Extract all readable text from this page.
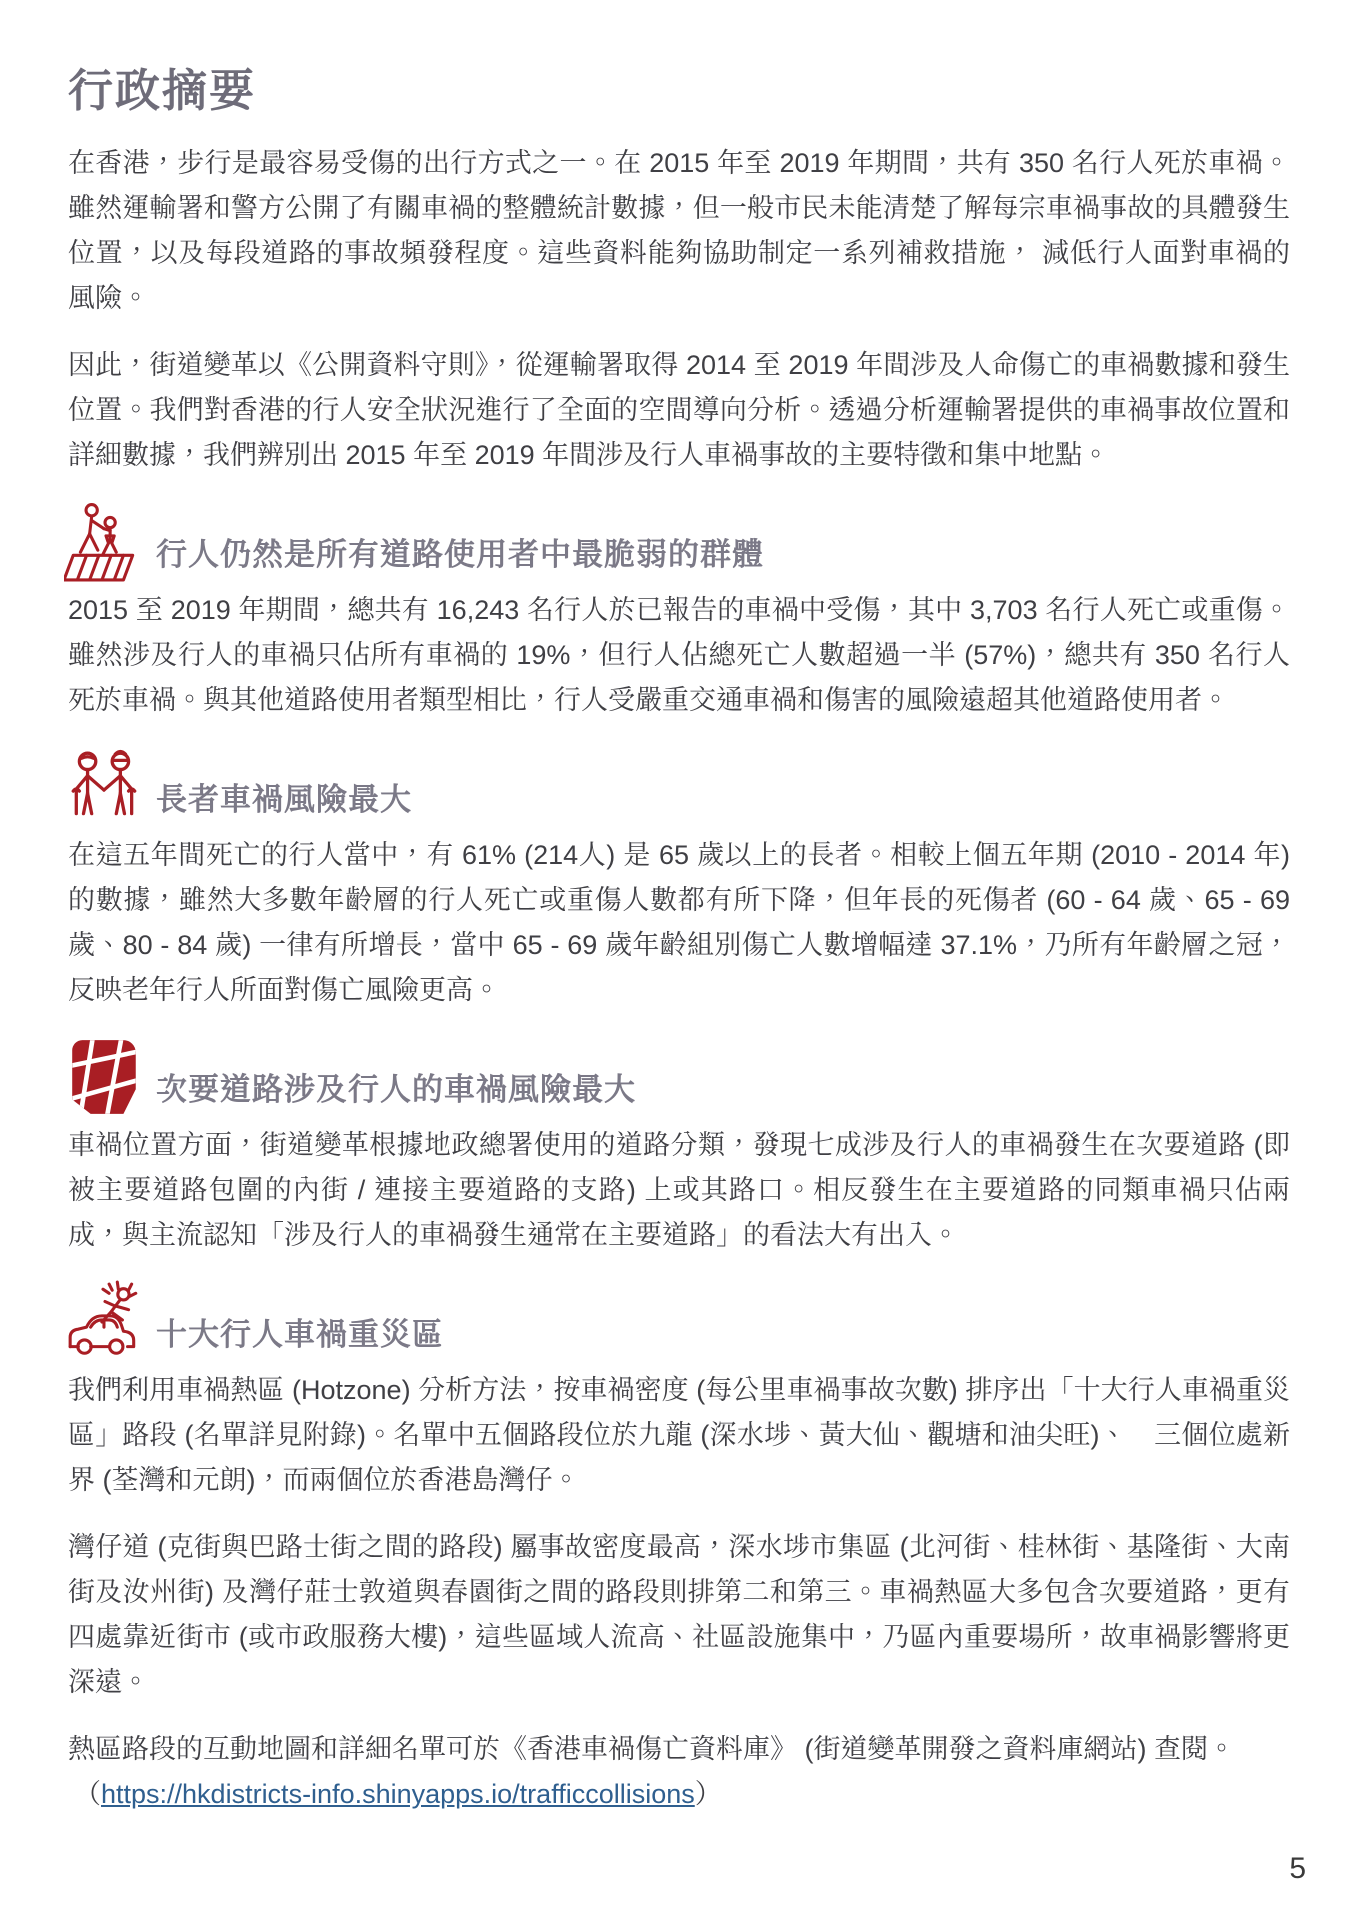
行政摘要

在香港，步行是最容易受傷的出行方式之一。在 2015 年至 2019 年期間，共有 350 名行人死於車禍。雖然運輸署和警方公開了有關車禍的整體統計數據，但一般市民未能清楚了解每宗車禍事故的具體發生位置，以及每段道路的事故頻發程度。這些資料能夠協助制定一系列補救措施， 減低行人面對車禍的風險。

因此，街道變革以《公開資料守則》，從運輸署取得 2014 至 2019 年間涉及人命傷亡的車禍數據和發生位置。我們對香港的行人安全狀況進行了全面的空間導向分析。透過分析運輸署提供的車禍事故位置和詳細數據，我們辨別出 2015 年至 2019 年間涉及行人車禍事故的主要特徵和集中地點。

行人仍然是所有道路使用者中最脆弱的群體

2015 至 2019 年期間，總共有 16,243 名行人於已報告的車禍中受傷，其中 3,703 名行人死亡或重傷。雖然涉及行人的車禍只佔所有車禍的 19%，但行人佔總死亡人數超過一半 (57%)，總共有 350 名行人死於車禍。與其他道路使用者類型相比，行人受嚴重交通車禍和傷害的風險遠超其他道路使用者。

長者車禍風險最大

在這五年間死亡的行人當中，有 61% (214人) 是 65 歲以上的長者。相較上個五年期 (2010 - 2014 年) 的數據，雖然大多數年齡層的行人死亡或重傷人數都有所下降，但年長的死傷者 (60 - 64 歲、65 - 69 歲、80 - 84 歲) 一律有所增長，當中 65 - 69 歲年齡組別傷亡人數增幅達 37.1%，乃所有年齡層之冠，反映老年行人所面對傷亡風險更高。

次要道路涉及行人的車禍風險最大

車禍位置方面，街道變革根據地政總署使用的道路分類，發現七成涉及行人的車禍發生在次要道路 (即被主要道路包圍的內街 / 連接主要道路的支路) 上或其路口。相反發生在主要道路的同類車禍只佔兩成，與主流認知「涉及行人的車禍發生通常在主要道路」的看法大有出入。

十大行人車禍重災區

我們利用車禍熱區 (Hotzone) 分析方法，按車禍密度 (每公里車禍事故次數) 排序出「十大行人車禍重災區」路段 (名單詳見附錄)。名單中五個路段位於九龍 (深水埗、黃大仙、觀塘和油尖旺)、　三個位處新界 (荃灣和元朗)，而兩個位於香港島灣仔。

灣仔道 (克街與巴路士街之間的路段) 屬事故密度最高，深水埗市集區 (北河街、桂林街、基隆街、大南街及汝州街) 及灣仔莊士敦道與春園街之間的路段則排第二和第三。車禍熱區大多包含次要道路，更有四處靠近街市 (或市政服務大樓)，這些區域人流高、社區設施集中，乃區內重要場所，故車禍影響將更深遠。

熱區路段的互動地圖和詳細名單可於《香港車禍傷亡資料庫》 (街道變革開發之資料庫網站) 查閱。

（https://hkdistricts-info.shinyapps.io/trafficcollisions）

5
